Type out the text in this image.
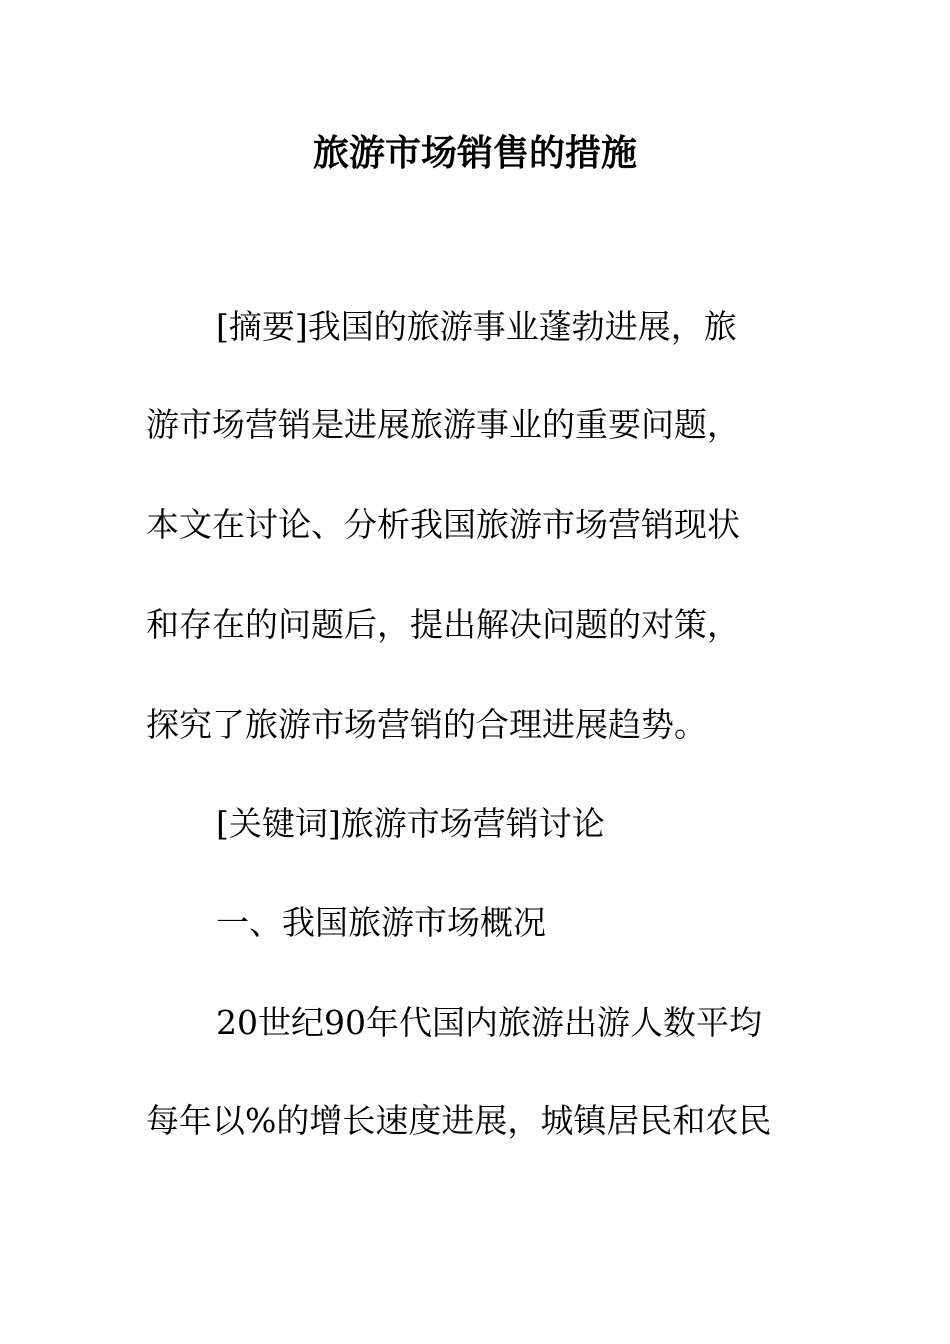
旅游市场销售的措施
[摘要]我国的旅游事业蓬勃进展，旅
游市场营销是进展旅游事业的重要问题，
本文在讨论、分析我国旅游市场营销现状
和存在的问题后，提出解决问题的对策，
探究了旅游市场营销的合理进展趋势。
[关键词]旅游市场营销讨论
一、我国旅游市场概况
20世纪90年代国内旅游出游人数平均
每年以%的增长速度进展，城镇居民和农民
